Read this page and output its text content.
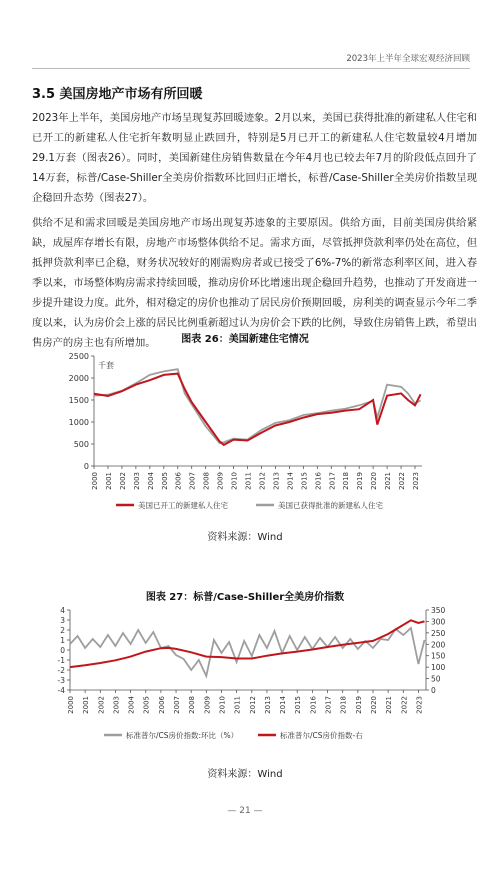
2023年上半年全球宏观经济回顾
3.5 美国房地产市场有所回暖

2023年上半年，美国房地产市场呈现复苏回暖迹象。2月以来，美国已获得批准的新建私人住宅和已开工的新建私人住宅折年数明显止跌回升，特别是5月已开工的新建私人住宅数量较4月增加29.1万套（图表26）。同时，美国新建住房销售数量在今年4月也已较去年7月的阶段低点回升了14万套，标普/Case-Shiller全美房价指数环比回归正增长，标普/Case-Shiller全美房价指数呈现企稳回升态势（图表27）。

供给不足和需求回暖是美国房地产市场出现复苏迹象的主要原因。供给方面，目前美国房供给紧缺，成屋库存增长有限，房地产市场整体供给不足。需求方面，尽管抵押贷款利率仍处在高位，但抵押贷款利率已企稳，财务状况较好的刚需购房者或已接受了6%-7%的新常态利率区间，进入春季以来，市场整体购房需求持续回暖，推动房价环比增速出现企稳回升趋势，也推动了开发商进一步提升建设力度。此外，相对稳定的房价也推动了居民房价预期回暖，房利美的调查显示今年二季度以来，认为房价会上涨的居民比例重新超过认为房价会下跌的比例，导致住房销售上跌，希望出售房产的房主也有所增加。	图表 26：美国新建住宅情况
0
500
1000
1500
2000
2500
千套
2000 2001 2002 2003 2004 2005 2006 2007 2008 2009 2010 2011 2012 2013 2014 2015 2016 2017 2018 2019 2020 2021 2022 2023
美国已开工的新建私人住宅	美国已获得批准的新建私人住宅
资料来源：Wind
图表 27：标普/Case-Shiller全美房价指数
-4
-3
-2
-1
0
1
2
3
4
0
50
100
150
200
250
300
350
2000 2001 2002 2003 2004 2005 2006 2007 2008 2009 2010 2011 2012 2013 2014 2015 2016 2017 2018 2019 2020 2021 2022 2023
标准普尔/CS房价指数:环比（%）	标准普尔/CS房价指数-右
资料来源：Wind
— 21 —
